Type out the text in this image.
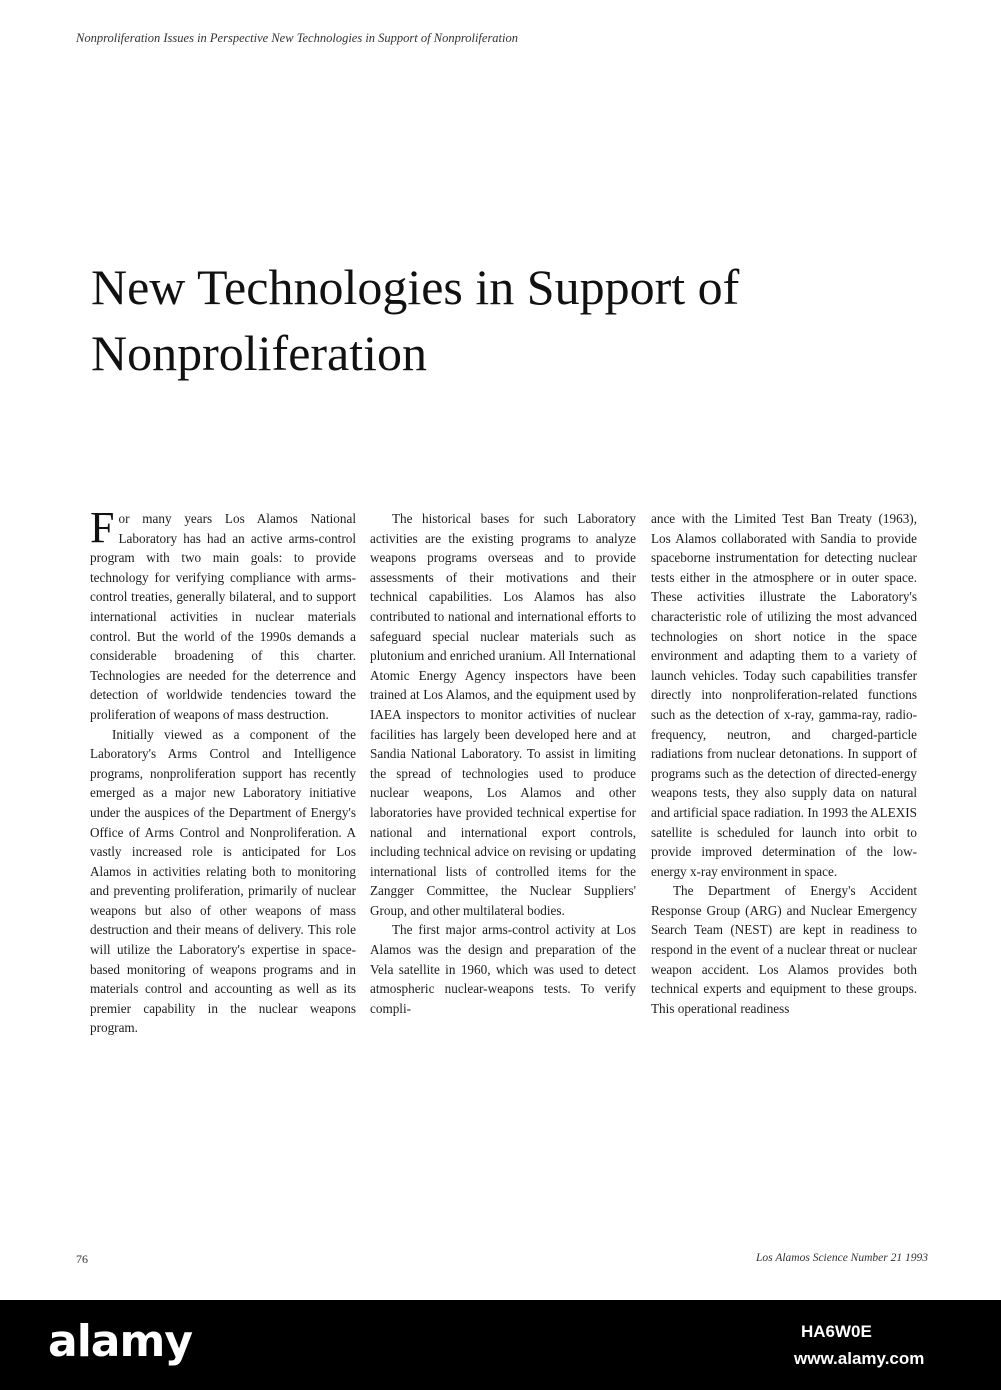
Nonproliferation Issues in Perspective New Technologies in Support of Nonproliferation
New Technologies in Support of Nonproliferation

For many years Los Alamos National Laboratory has had an active arms-control program with two main goals: to provide technology for verifying compliance with arms-control treaties, generally bilateral, and to support international activities in nuclear materials control. But the world of the 1990s demands a considerable broadening of this charter. Technologies are needed for the deterrence and detection of worldwide tendencies toward the proliferation of weapons of mass destruction.

Initially viewed as a component of the Laboratory's Arms Control and Intelligence programs, nonproliferation support has recently emerged as a major new Laboratory initiative under the auspices of the Department of Energy's Office of Arms Control and Nonproliferation. A vastly increased role is anticipated for Los Alamos in activities relating both to monitoring and preventing proliferation, primarily of nuclear weapons but also of other weapons of mass destruction and their means of delivery. This role will utilize the Laboratory's expertise in space-based monitoring of weapons programs and in materials control and accounting as well as its premier capability in the nuclear weapons program.

The historical bases for such Laboratory activities are the existing programs to analyze weapons programs overseas and to provide assessments of their motivations and their technical capabilities. Los Alamos has also contributed to national and international efforts to safeguard special nuclear materials such as plutonium and enriched uranium. All International Atomic Energy Agency inspectors have been trained at Los Alamos, and the equipment used by IAEA inspectors to monitor activities of nuclear facilities has largely been developed here and at Sandia National Laboratory. To assist in limiting the spread of technologies used to produce nuclear weapons, Los Alamos and other laboratories have provided technical expertise for national and international export controls, including technical advice on revising or updating international lists of controlled items for the Zangger Committee, the Nuclear Suppliers' Group, and other multilateral bodies.

The first major arms-control activity at Los Alamos was the design and preparation of the Vela satellite in 1960, which was used to detect atmospheric nuclear-weapons tests. To verify compli-

ance with the Limited Test Ban Treaty (1963), Los Alamos collaborated with Sandia to provide spaceborne instrumentation for detecting nuclear tests either in the atmosphere or in outer space. These activities illustrate the Laboratory's characteristic role of utilizing the most advanced technologies on short notice in the space environment and adapting them to a variety of launch vehicles. Today such capabilities transfer directly into nonproliferation-related functions such as the detection of x-ray, gamma-ray, radio-frequency, neutron, and charged-particle radiations from nuclear detonations. In support of programs such as the detection of directed-energy weapons tests, they also supply data on natural and artificial space radiation. In 1993 the ALEXIS satellite is scheduled for launch into orbit to provide improved determination of the low-energy x-ray environment in space.

The Department of Energy's Accident Response Group (ARG) and Nuclear Emergency Search Team (NEST) are kept in readiness to respond in the event of a nuclear threat or nuclear weapon accident. Los Alamos provides both technical experts and equipment to these groups. This operational readiness

76	Los Alamos Science Number 21 1993
alamy	HA6W0E
www.alamy.com
